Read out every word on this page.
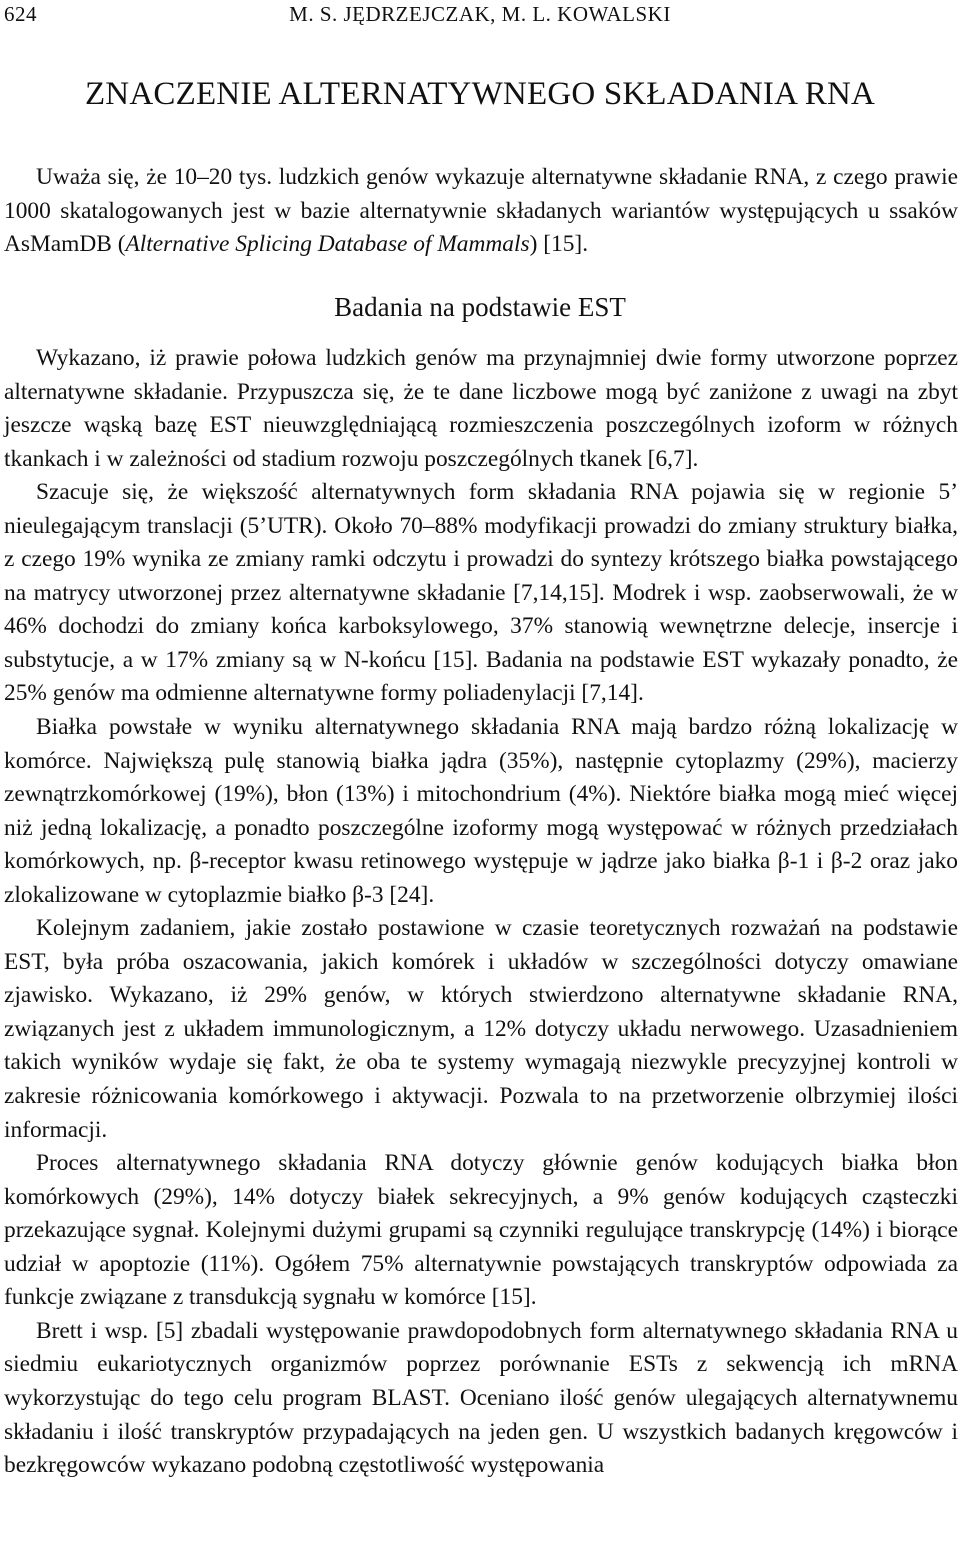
624	M. S. JĘDRZEJCZAK, M. L. KOWALSKI
ZNACZENIE ALTERNATYWNEGO SKŁADANIA RNA

Uważa się, że 10–20 tys. ludzkich genów wykazuje alternatywne składanie RNA, z czego prawie 1000 skatalogowanych jest w bazie alternatywnie składanych wariantów występujących u ssaków AsMamDB (Alternative Splicing Database of Mammals) [15].

Badania na podstawie EST

Wykazano, iż prawie połowa ludzkich genów ma przynajmniej dwie formy utworzone poprzez alternatywne składanie. Przypuszcza się, że te dane liczbowe mogą być zaniżone z uwagi na zbyt jeszcze wąską bazę EST nieuwzględniającą rozmieszczenia poszczególnych izoform w różnych tkankach i w zależności od stadium rozwoju poszczególnych tkanek [6,7].

Szacuje się, że większość alternatywnych form składania RNA pojawia się w regionie 5’ nieulegającym translacji (5’UTR). Około 70–88% modyfikacji prowadzi do zmiany struktury białka, z czego 19% wynika ze zmiany ramki odczytu i prowadzi do syntezy krótszego białka powstającego na matrycy utworzonej przez alternatywne składanie [7,14,15]. Modrek i wsp. zaobserwowali, że w 46% dochodzi do zmiany końca karboksylowego, 37% stanowią wewnętrzne delecje, insercje i substytucje, a w 17% zmiany są w N-końcu [15]. Badania na podstawie EST wykazały ponadto, że 25% genów ma odmienne alternatywne formy poliadenylacji [7,14].

Białka powstałe w wyniku alternatywnego składania RNA mają bardzo różną lokalizację w komórce. Największą pulę stanowią białka jądra (35%), następnie cytoplazmy (29%), macierzy zewnątrzkomórkowej (19%), błon (13%) i mitochondrium (4%). Niektóre białka mogą mieć więcej niż jedną lokalizację, a ponadto poszczególne izoformy mogą występować w różnych przedziałach komórkowych, np. β-receptor kwasu retinowego występuje w jądrze jako białka β-1 i β-2 oraz jako zlokalizowane w cytoplazmie białko β-3 [24].

Kolejnym zadaniem, jakie zostało postawione w czasie teoretycznych rozważań na podstawie EST, była próba oszacowania, jakich komórek i układów w szczególności dotyczy omawiane zjawisko. Wykazano, iż 29% genów, w których stwierdzono alternatywne składanie RNA, związanych jest z układem immunologicznym, a 12% dotyczy układu nerwowego. Uzasadnieniem takich wyników wydaje się fakt, że oba te systemy wymagają niezwykle precyzyjnej kontroli w zakresie różnicowania komórkowego i aktywacji. Pozwala to na przetworzenie olbrzymiej ilości informacji.

Proces alternatywnego składania RNA dotyczy głównie genów kodujących białka błon komórkowych (29%), 14% dotyczy białek sekrecyjnych, a 9% genów kodujących cząsteczki przekazujące sygnał. Kolejnymi dużymi grupami są czynniki regulujące transkrypcję (14%) i biorące udział w apoptozie (11%). Ogółem 75% alternatywnie powstających transkryptów odpowiada za funkcje związane z transdukcją sygnału w komórce [15].

Brett i wsp. [5] zbadali występowanie prawdopodobnych form alternatywnego składania RNA u siedmiu eukariotycznych organizmów poprzez porównanie ESTs z sekwencją ich mRNA wykorzystując do tego celu program BLAST. Oceniano ilość genów ulegających alternatywnemu składaniu i ilość transkryptów przypadających na jeden gen. U wszystkich badanych kręgowców i bezkręgowców wykazano podobną częstotliwość występowania
